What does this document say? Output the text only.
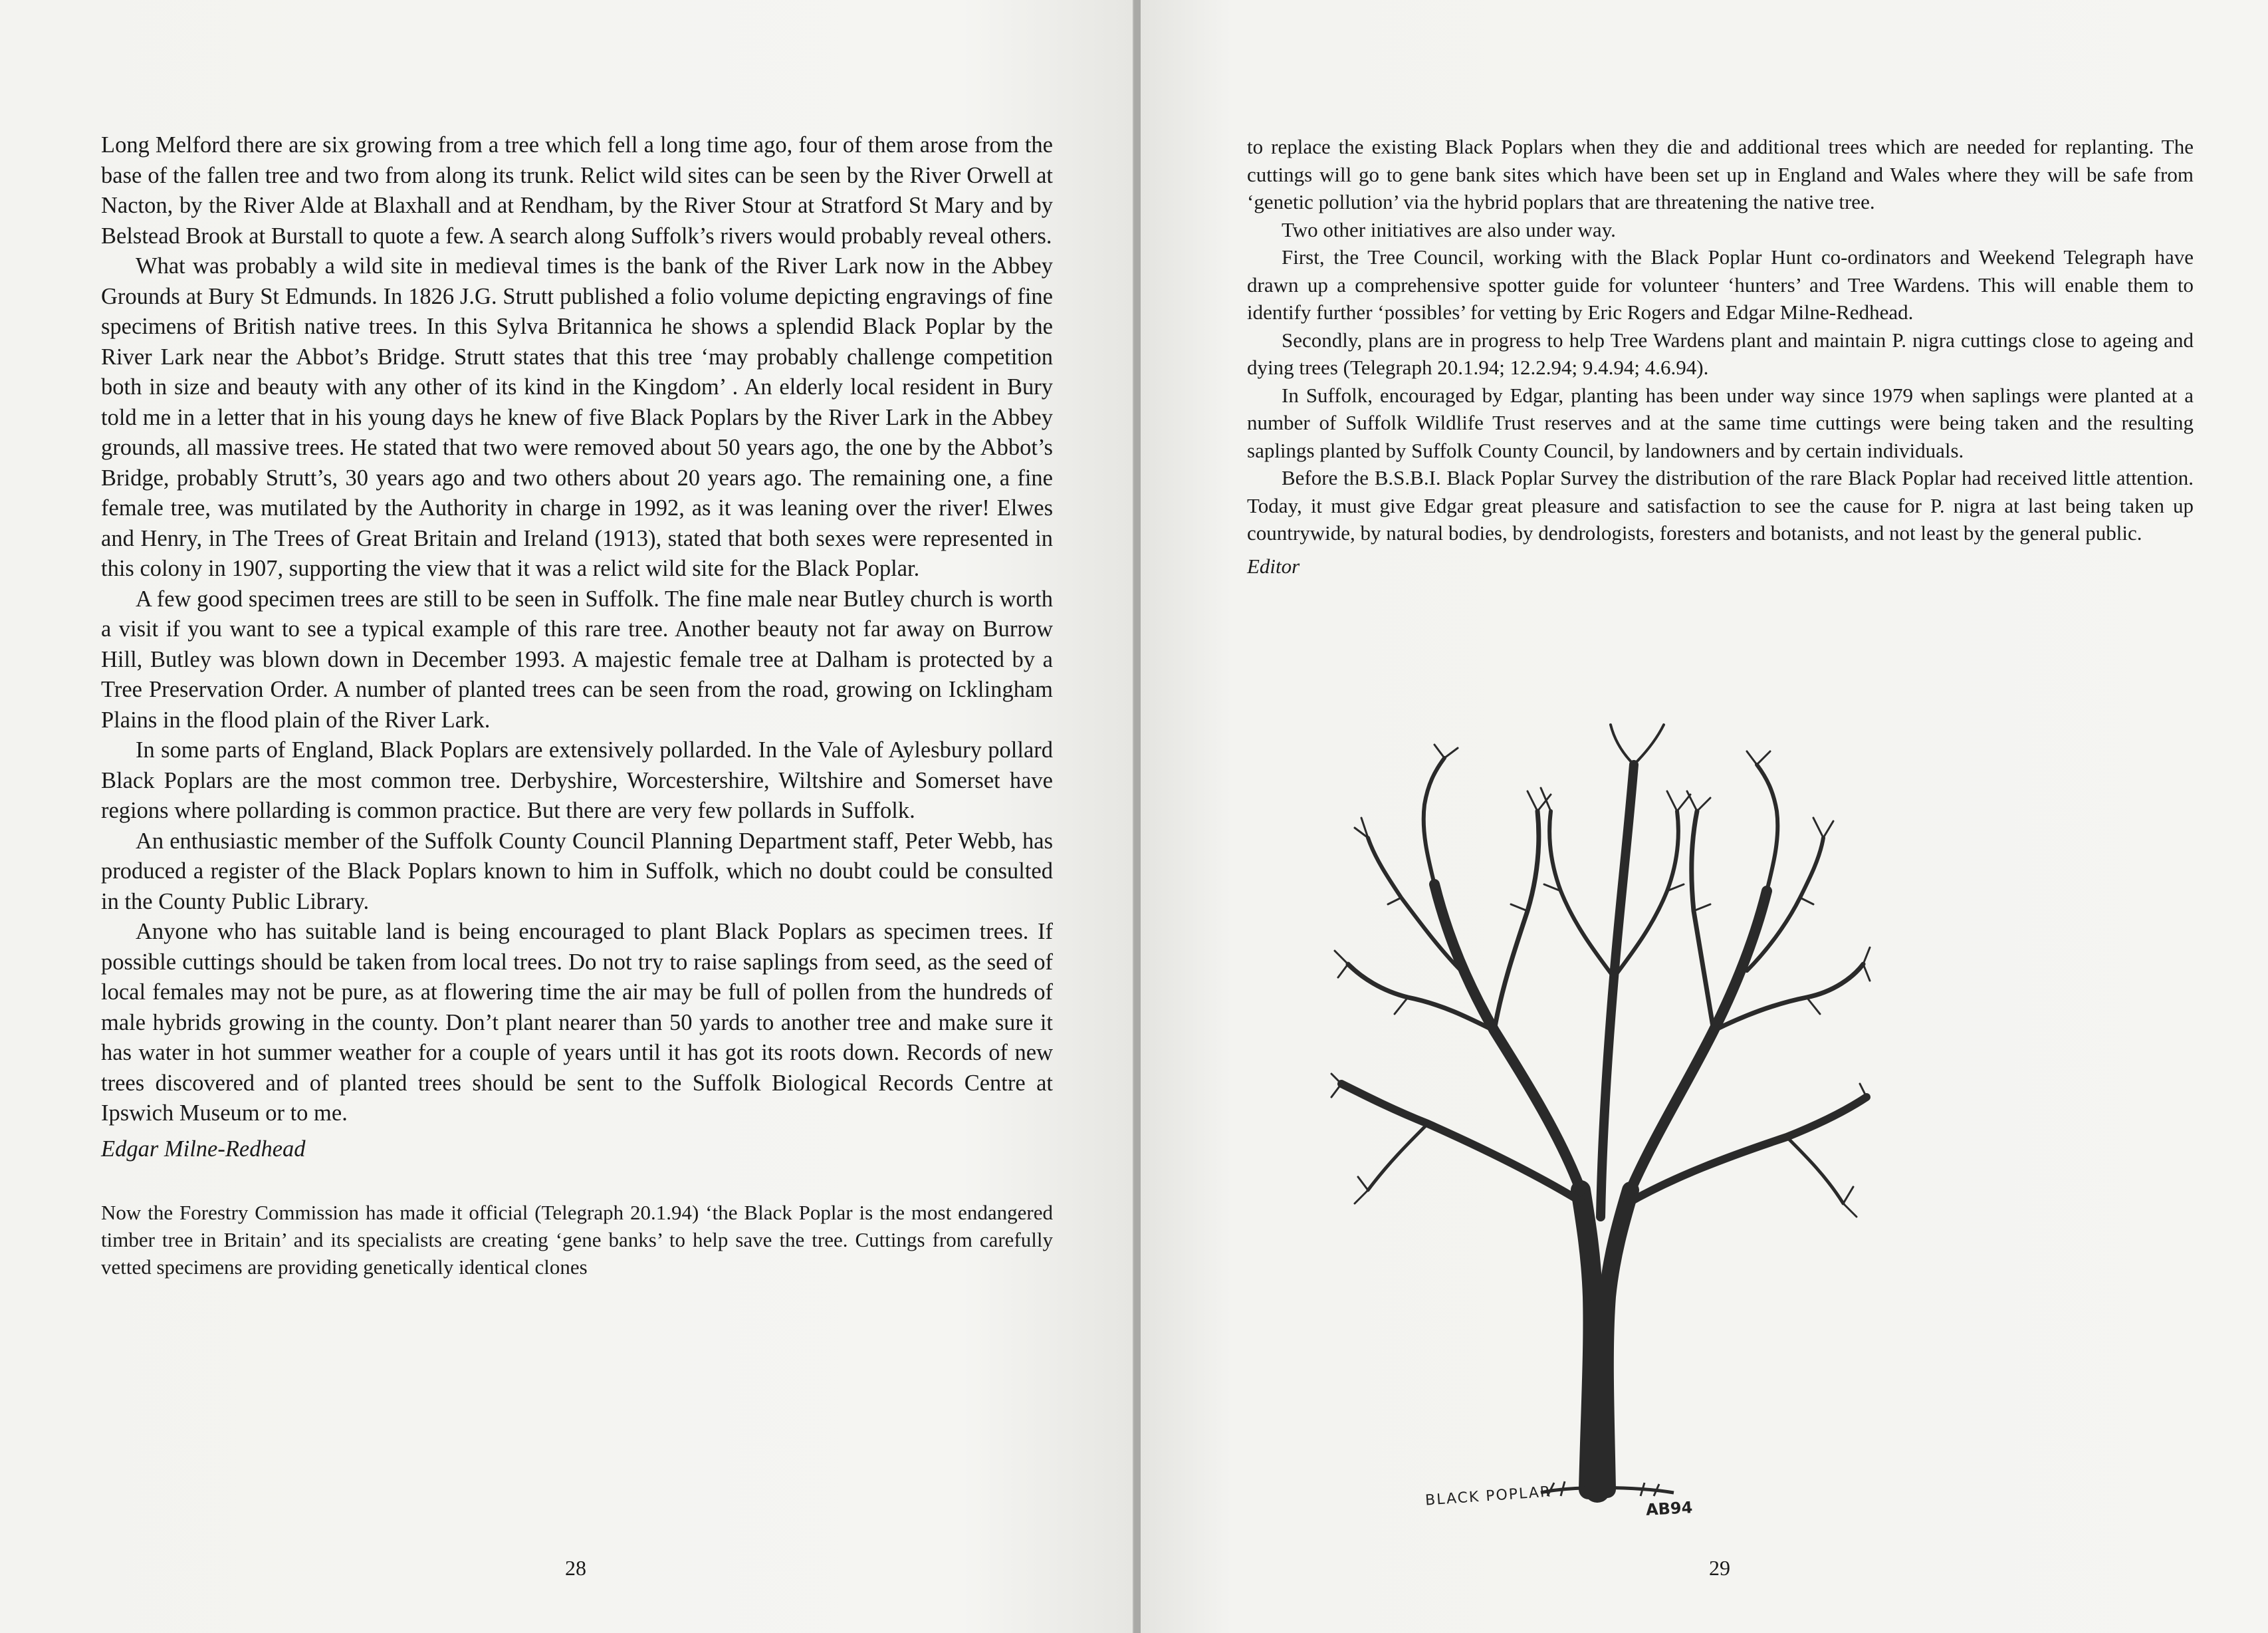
Long Melford there are six growing from a tree which fell a long time ago, four of them arose from the base of the fallen tree and two from along its trunk. Relict wild sites can be seen by the River Orwell at Nacton, by the River Alde at Blaxhall and at Rendham, by the River Stour at Stratford St Mary and by Belstead Brook at Burstall to quote a few. A search along Suffolk’s rivers would probably reveal others.

What was probably a wild site in medieval times is the bank of the River Lark now in the Abbey Grounds at Bury St Edmunds. In 1826 J.G. Strutt published a folio volume depicting engravings of fine specimens of British native trees. In this Sylva Britannica he shows a splendid Black Poplar by the River Lark near the Abbot’s Bridge. Strutt states that this tree ‘may probably challenge competition both in size and beauty with any other of its kind in the Kingdom’ . An elderly local resident in Bury told me in a letter that in his young days he knew of five Black Poplars by the River Lark in the Abbey grounds, all massive trees. He stated that two were removed about 50 years ago, the one by the Abbot’s Bridge, probably Strutt’s, 30 years ago and two others about 20 years ago. The remaining one, a fine female tree, was mutilated by the Authority in charge in 1992, as it was leaning over the river! Elwes and Henry, in The Trees of Great Britain and Ireland (1913), stated that both sexes were represented in this colony in 1907, supporting the view that it was a relict wild site for the Black Poplar.

A few good specimen trees are still to be seen in Suffolk. The fine male near Butley church is worth a visit if you want to see a typical example of this rare tree. Another beauty not far away on Burrow Hill, Butley was blown down in December 1993. A majestic female tree at Dalham is protected by a Tree Preservation Order. A number of planted trees can be seen from the road, growing on Icklingham Plains in the flood plain of the River Lark.

In some parts of England, Black Poplars are extensively pollarded. In the Vale of Aylesbury pollard Black Poplars are the most common tree. Derbyshire, Worcestershire, Wiltshire and Somerset have regions where pollarding is common practice. But there are very few pollards in Suffolk.

An enthusiastic member of the Suffolk County Council Planning Department staff, Peter Webb, has produced a register of the Black Poplars known to him in Suffolk, which no doubt could be consulted in the County Public Library.

Anyone who has suitable land is being encouraged to plant Black Poplars as specimen trees. If possible cuttings should be taken from local trees. Do not try to raise saplings from seed, as the seed of local females may not be pure, as at flowering time the air may be full of pollen from the hundreds of male hybrids growing in the county. Don’t plant nearer than 50 yards to another tree and make sure it has water in hot summer weather for a couple of years until it has got its roots down. Records of new trees discovered and of planted trees should be sent to the Suffolk Biological Records Centre at Ipswich Museum or to me.

Edgar Milne-Redhead

Now the Forestry Commission has made it official (Telegraph 20.1.94) ‘the Black Poplar is the most endangered timber tree in Britain’ and its specialists are creating ‘gene banks’ to help save the tree. Cuttings from carefully vetted specimens are providing genetically identical clones

28

to replace the existing Black Poplars when they die and additional trees which are needed for replanting. The cuttings will go to gene bank sites which have been set up in England and Wales where they will be safe from ‘genetic pollution’ via the hybrid poplars that are threatening the native tree.

Two other initiatives are also under way.

First, the Tree Council, working with the Black Poplar Hunt co-ordinators and Weekend Telegraph have drawn up a comprehensive spotter guide for volunteer ‘hunters’ and Tree Wardens. This will enable them to identify further ‘possibles’ for vetting by Eric Rogers and Edgar Milne-Redhead.

Secondly, plans are in progress to help Tree Wardens plant and maintain P. nigra cuttings close to ageing and dying trees (Telegraph 20.1.94; 12.2.94; 9.4.94; 4.6.94).

In Suffolk, encouraged by Edgar, planting has been under way since 1979 when saplings were planted at a number of Suffolk Wildlife Trust reserves and at the same time cuttings were being taken and the resulting saplings planted by Suffolk County Council, by landowners and by certain individuals.

Before the B.S.B.I. Black Poplar Survey the distribution of the rare Black Poplar had received little attention. Today, it must give Edgar great pleasure and satisfaction to see the cause for P. nigra at last being taken up countrywide, by natural bodies, by dendrologists, foresters and botanists, and not least by the general public.

Editor

BLACK POPLAR	AB94
29
